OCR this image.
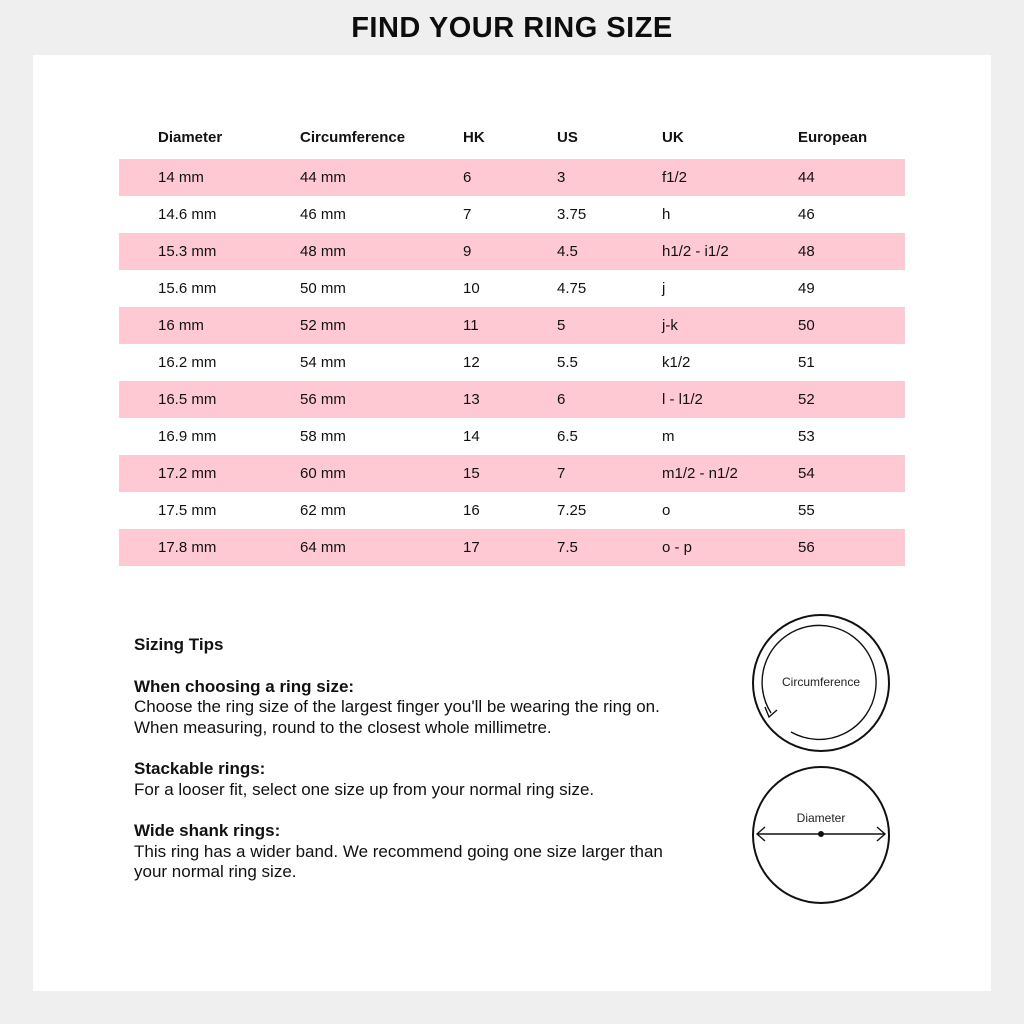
FIND YOUR RING SIZE
Diameter	Circumference	HK	US	UK	European
14 mm	44 mm	6	3	f1/2	44
14.6 mm	46 mm	7	3.75	h	46
15.3 mm	48 mm	9	4.5	h1/2 - i1/2	48
15.6 mm	50 mm	10	4.75	j	49
16 mm	52 mm	11	5	j-k	50
16.2 mm	54 mm	12	5.5	k1/2	51
16.5 mm	56 mm	13	6	l - l1/2	52
16.9 mm	58 mm	14	6.5	m	53
17.2 mm	60 mm	15	7	m1/2 - n1/2	54
17.5 mm	62 mm	16	7.25	o	55
17.8 mm	64 mm	17	7.5	o - p	56

Sizing Tips

When choosing a ring size:

Choose the ring size of the largest finger you'll be wearing the ring on.

When measuring, round to the closest whole millimetre.

Stackable rings:

For a looser fit, select one size up from your normal ring size.

Wide shank rings:

This ring has a wider band. We recommend going one size larger than

your normal ring size.

Circumference
Diameter
